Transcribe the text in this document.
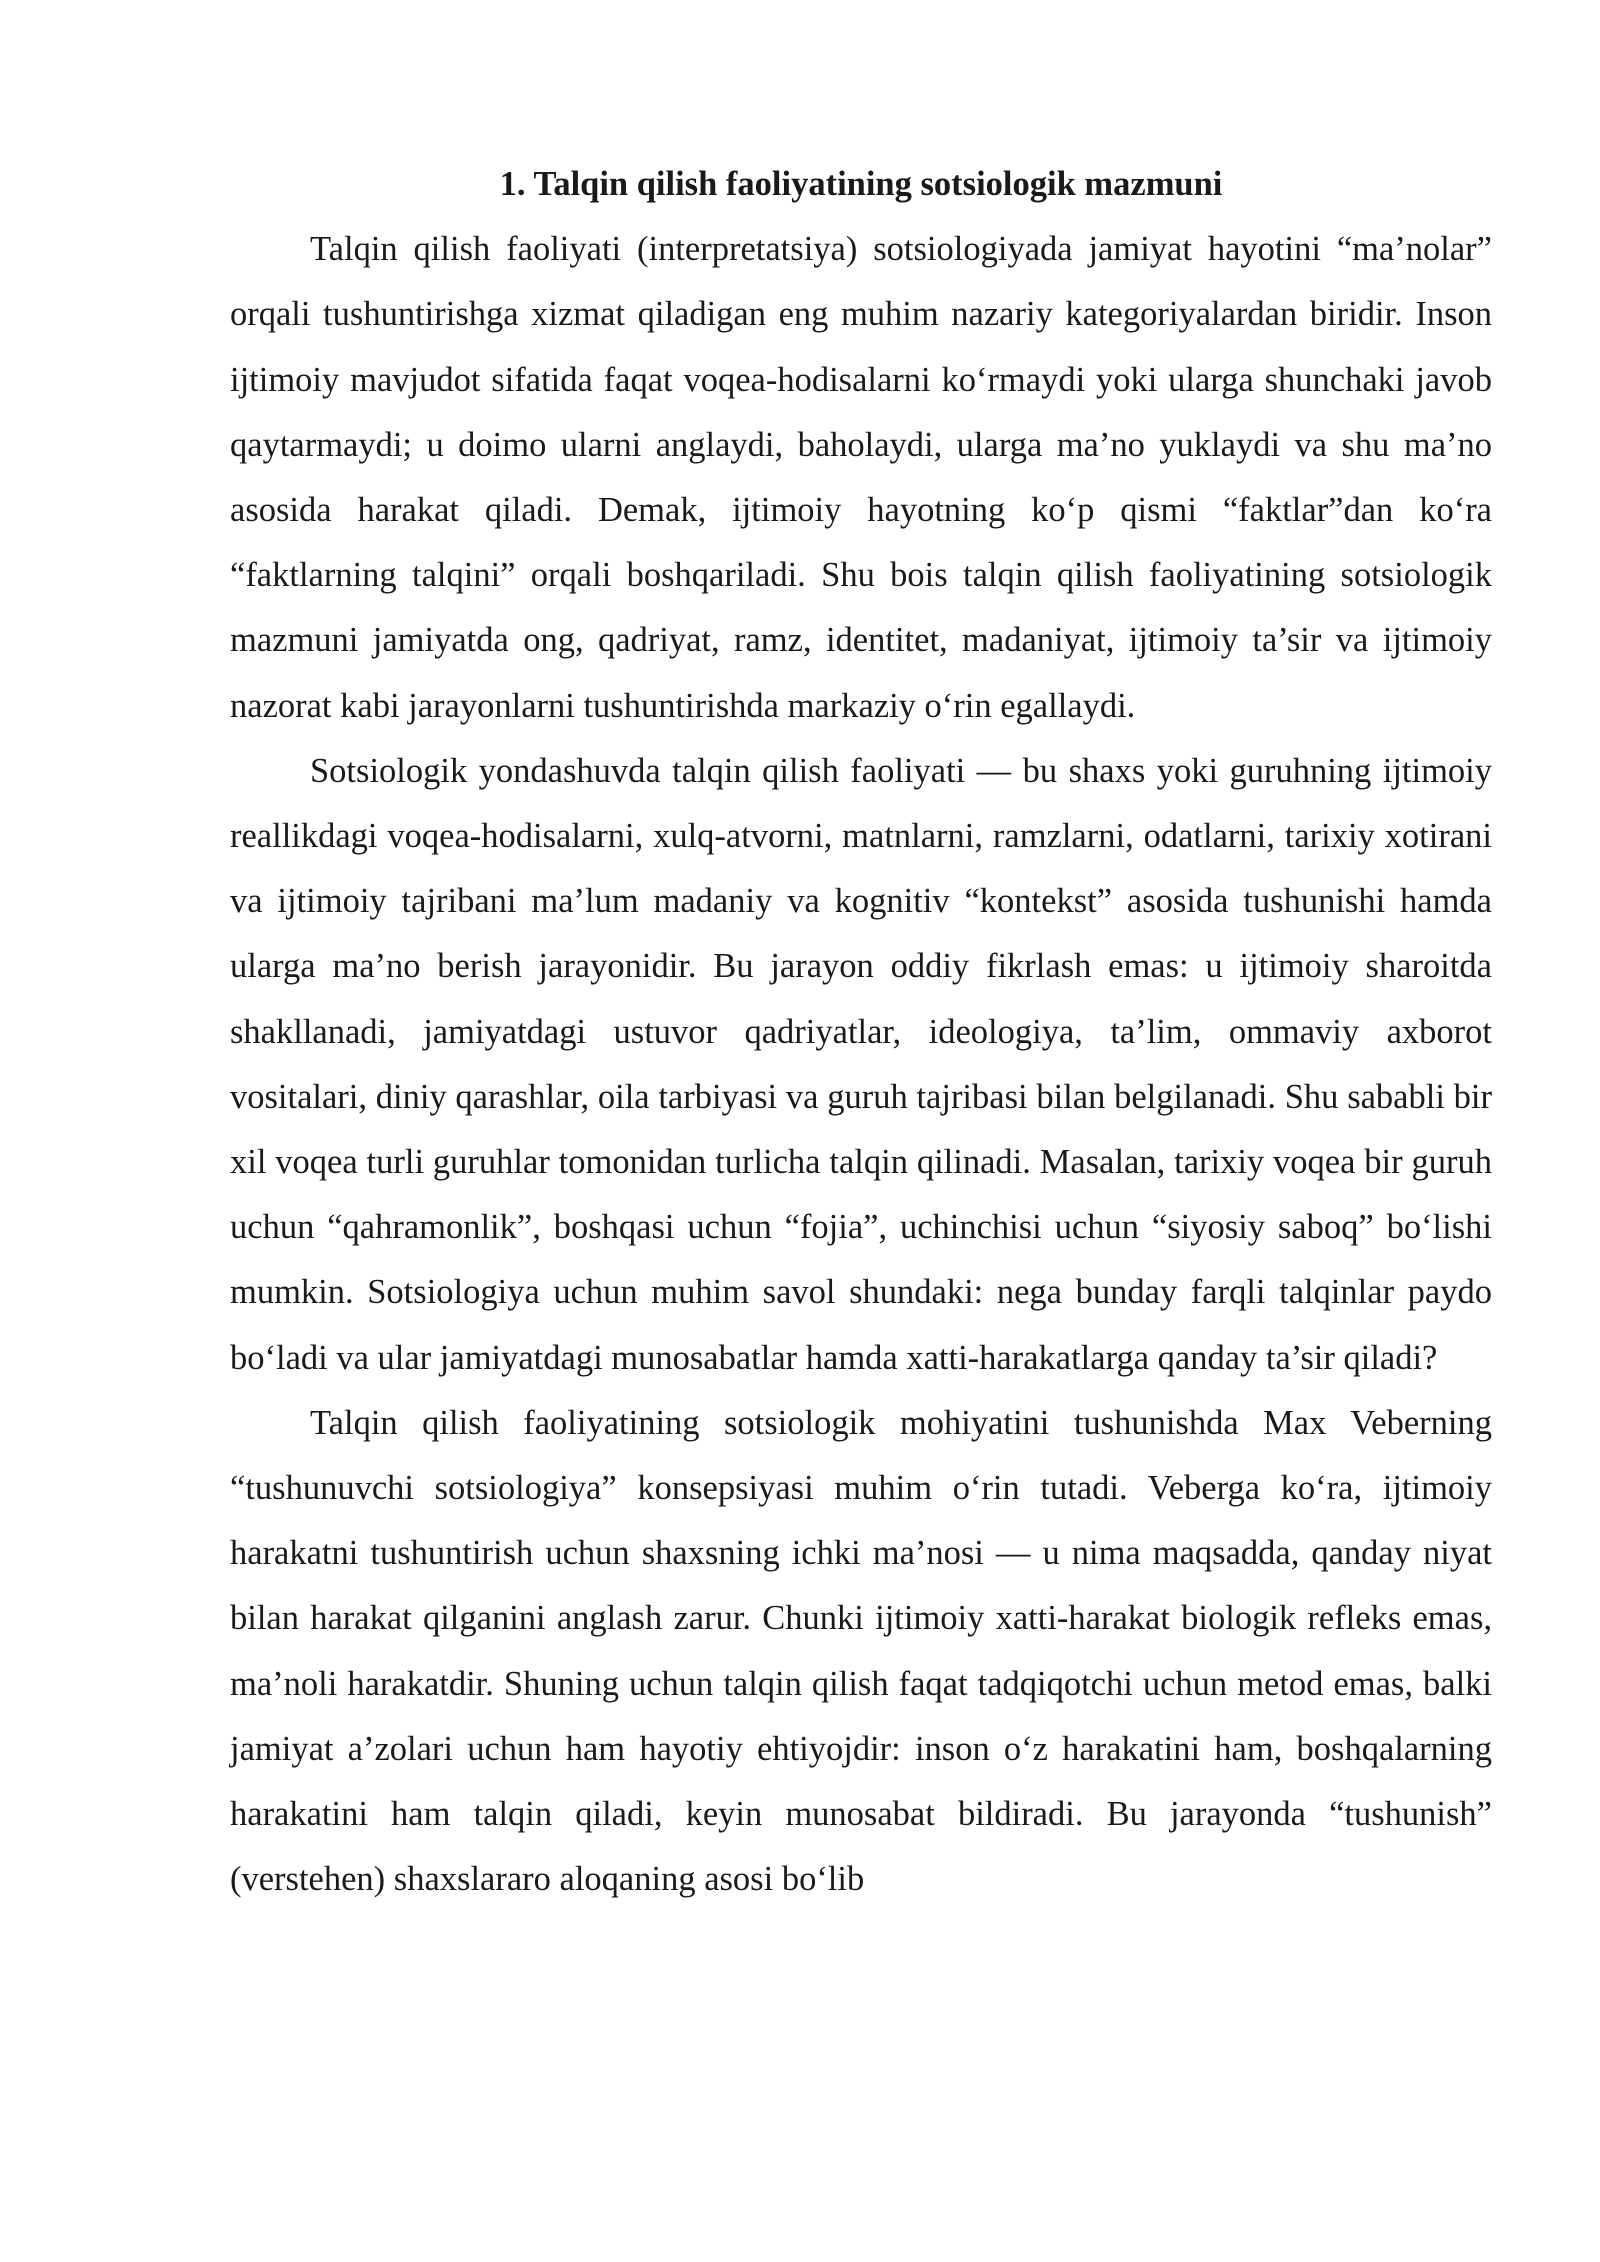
1. Talqin qilish faoliyatining sotsiologik mazmuni

Talqin qilish faoliyati (interpretatsiya) sotsiologiyada jamiyat hayotini “ma’nolar” orqali tushuntirishga xizmat qiladigan eng muhim nazariy kategoriyalardan biridir. Inson ijtimoiy mavjudot sifatida faqat voqea-hodisalarni ko‘rmaydi yoki ularga shunchaki javob qaytarmaydi; u doimo ularni anglaydi, baholaydi, ularga ma’no yuklaydi va shu ma’no asosida harakat qiladi. Demak, ijtimoiy hayotning ko‘p qismi “faktlar”dan ko‘ra “faktlarning talqini” orqali boshqariladi. Shu bois talqin qilish faoliyatining sotsiologik mazmuni jamiyatda ong, qadriyat, ramz, identitet, madaniyat, ijtimoiy ta’sir va ijtimoiy nazorat kabi jarayonlarni tushuntirishda markaziy o‘rin egallaydi.

Sotsiologik yondashuvda talqin qilish faoliyati — bu shaxs yoki guruhning ijtimoiy reallikdagi voqea-hodisalarni, xulq-atvorni, matnlarni, ramzlarni, odatlarni, tarixiy xotirani va ijtimoiy tajribani ma’lum madaniy va kognitiv “kontekst” asosida tushunishi hamda ularga ma’no berish jarayonidir. Bu jarayon oddiy fikrlash emas: u ijtimoiy sharoitda shakllanadi, jamiyatdagi ustuvor qadriyatlar, ideologiya, ta’lim, ommaviy axborot vositalari, diniy qarashlar, oila tarbiyasi va guruh tajribasi bilan belgilanadi. Shu sababli bir xil voqea turli guruhlar tomonidan turlicha talqin qilinadi. Masalan, tarixiy voqea bir guruh uchun “qahramonlik”, boshqasi uchun “fojia”, uchinchisi uchun “siyosiy saboq” bo‘lishi mumkin. Sotsiologiya uchun muhim savol shundaki: nega bunday farqli talqinlar paydo bo‘ladi va ular jamiyatdagi munosabatlar hamda xatti-harakatlarga qanday ta’sir qiladi?

Talqin qilish faoliyatining sotsiologik mohiyatini tushunishda Max Veberning “tushunuvchi sotsiologiya” konsepsiyasi muhim o‘rin tutadi. Veberga ko‘ra, ijtimoiy harakatni tushuntirish uchun shaxsning ichki ma’nosi — u nima maqsadda, qanday niyat bilan harakat qilganini anglash zarur. Chunki ijtimoiy xatti-harakat biologik refleks emas, ma’noli harakatdir. Shuning uchun talqin qilish faqat tadqiqotchi uchun metod emas, balki jamiyat a’zolari uchun ham hayotiy ehtiyojdir: inson o‘z harakatini ham, boshqalarning harakatini ham talqin qiladi, keyin munosabat bildiradi. Bu jarayonda “tushunish” (verstehen) shaxslararo aloqaning asosi bo‘lib
